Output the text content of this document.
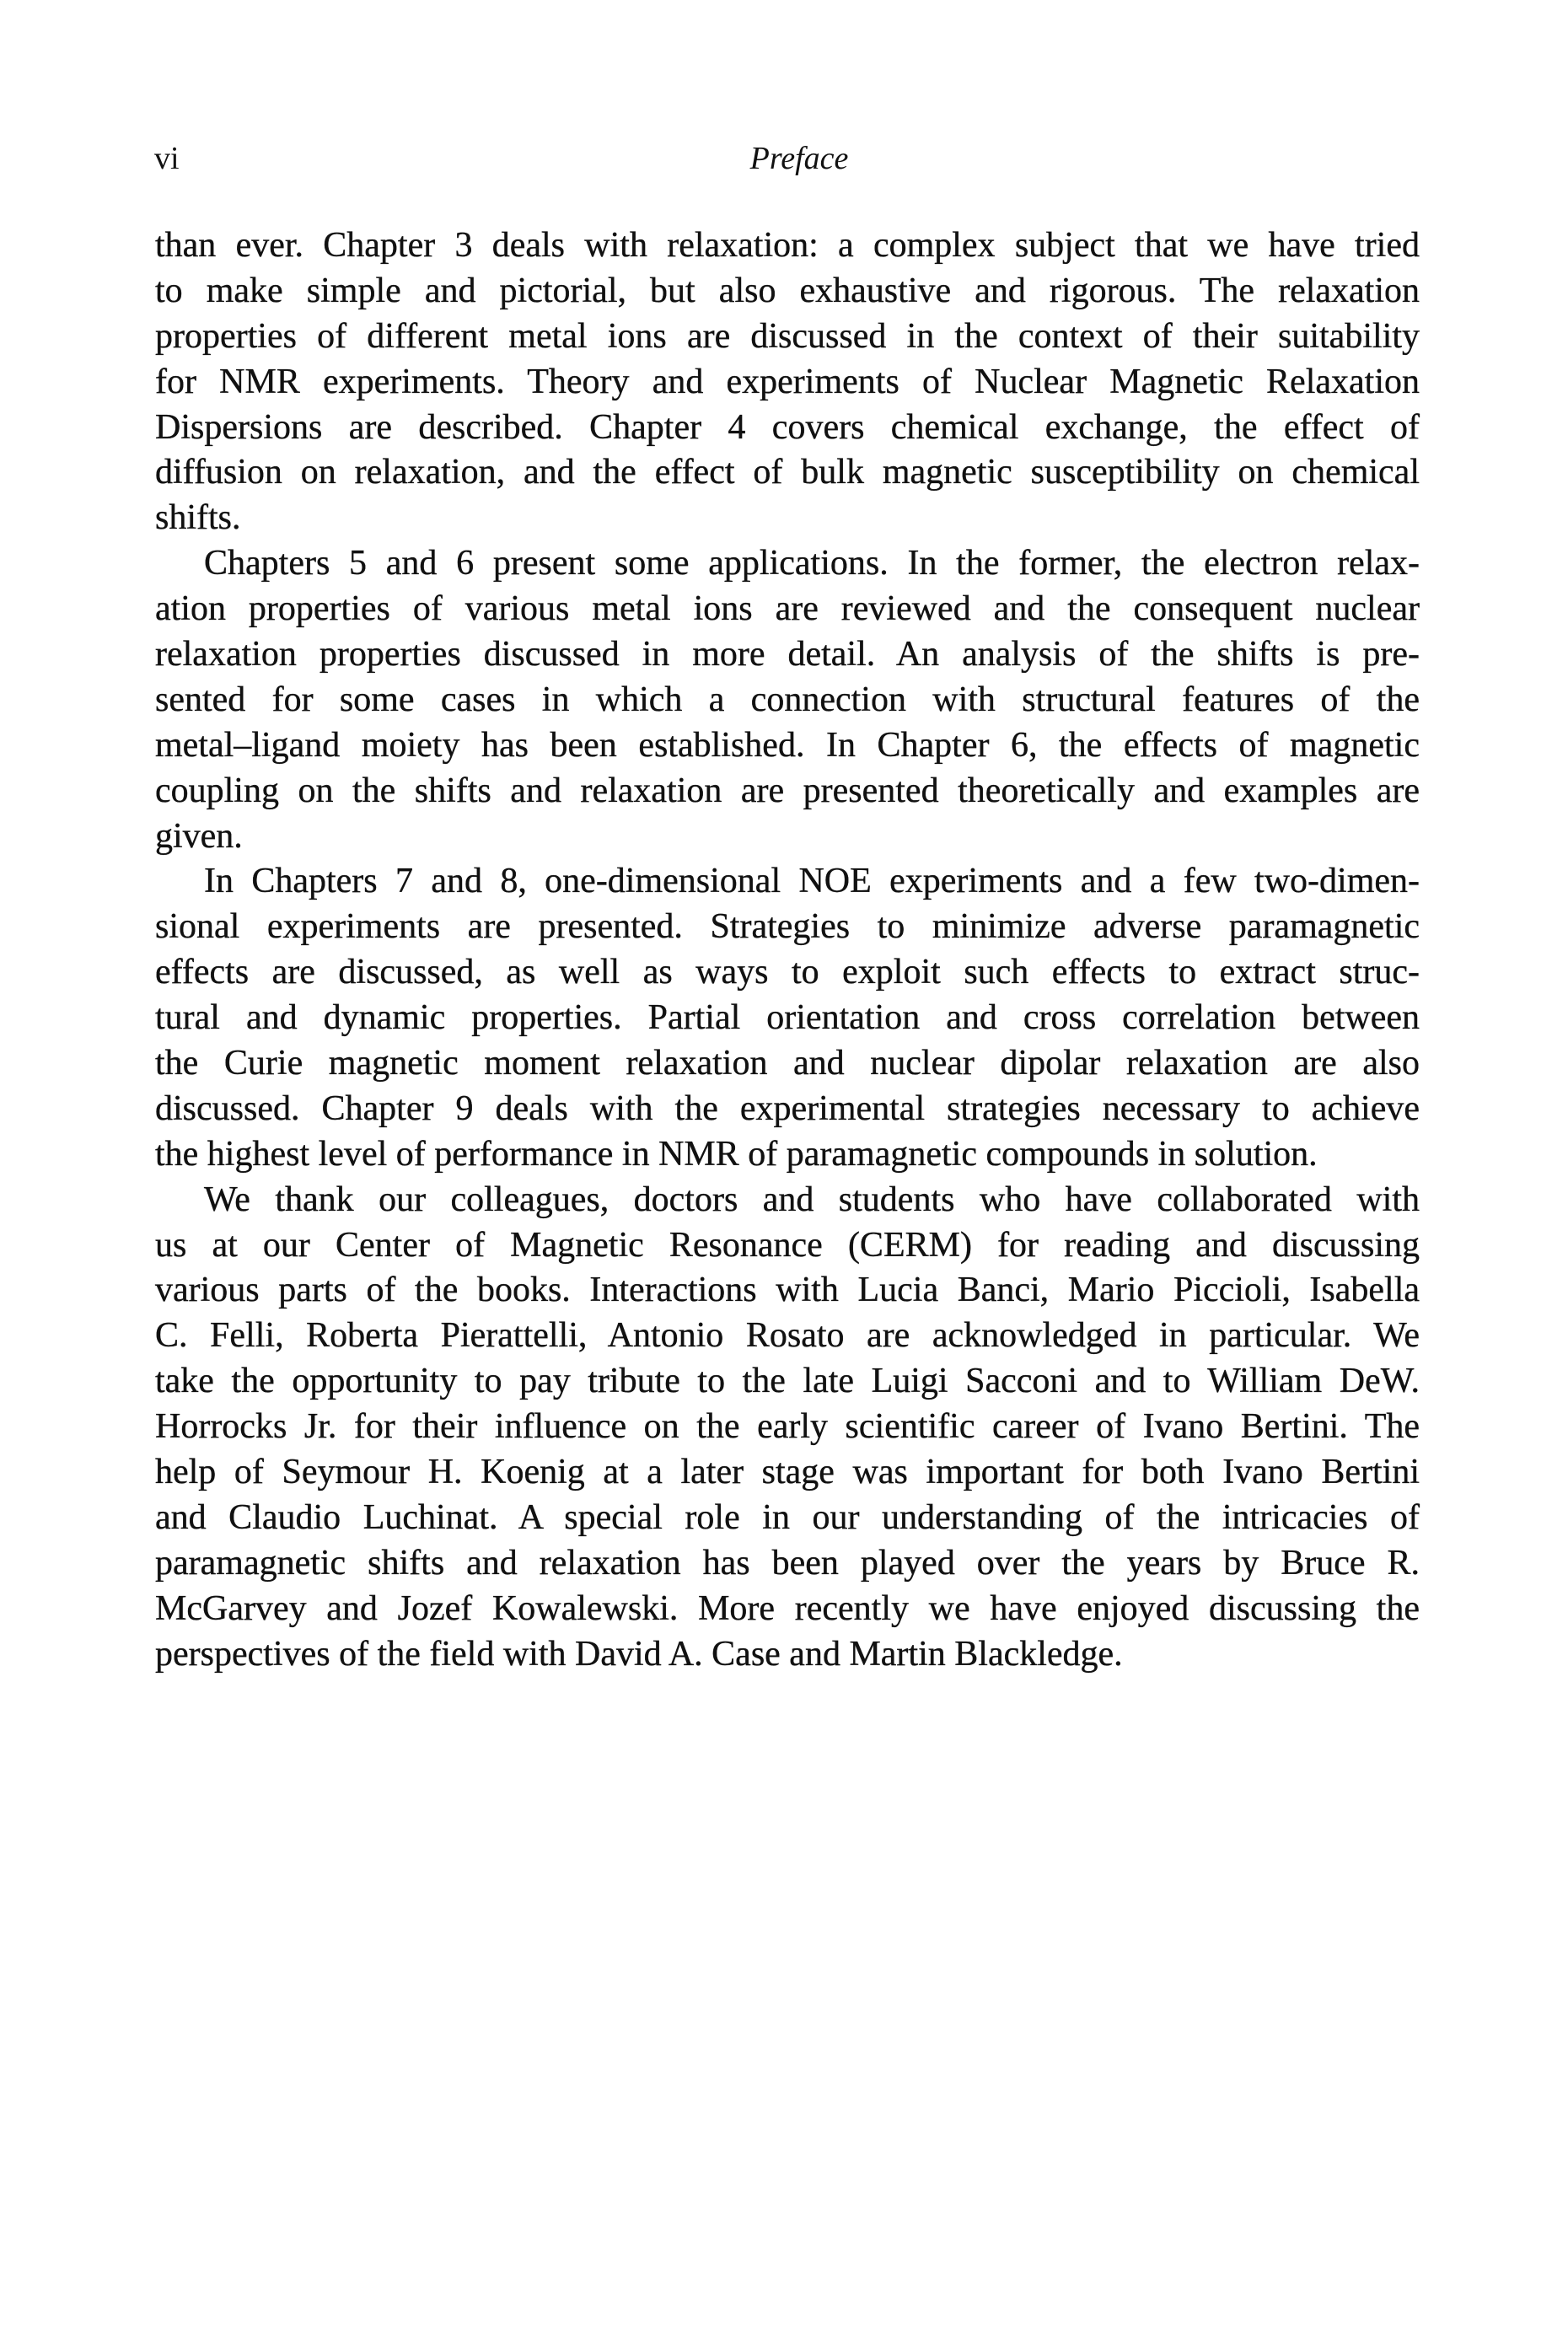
vi	Preface
than ever. Chapter 3 deals with relaxation: a complex subject that we have tried
to make simple and pictorial, but also exhaustive and rigorous. The relaxation
properties of different metal ions are discussed in the context of their suitability
for NMR experiments. Theory and experiments of Nuclear Magnetic Relaxation
Dispersions are described. Chapter 4 covers chemical exchange, the effect of
diffusion on relaxation, and the effect of bulk magnetic susceptibility on chemical
shifts.
Chapters 5 and 6 present some applications. In the former, the electron relax-
ation properties of various metal ions are reviewed and the consequent nuclear
relaxation properties discussed in more detail. An analysis of the shifts is pre-
sented for some cases in which a connection with structural features of the
metal–ligand moiety has been established. In Chapter 6, the effects of magnetic
coupling on the shifts and relaxation are presented theoretically and examples are
given.
In Chapters 7 and 8, one-dimensional NOE experiments and a few two-dimen-
sional experiments are presented. Strategies to minimize adverse paramagnetic
effects are discussed, as well as ways to exploit such effects to extract struc-
tural and dynamic properties. Partial orientation and cross correlation between
the Curie magnetic moment relaxation and nuclear dipolar relaxation are also
discussed. Chapter 9 deals with the experimental strategies necessary to achieve
the highest level of performance in NMR of paramagnetic compounds in solution.
We thank our colleagues, doctors and students who have collaborated with
us at our Center of Magnetic Resonance (CERM) for reading and discussing
various parts of the books. Interactions with Lucia Banci, Mario Piccioli, Isabella
C. Felli, Roberta Pierattelli, Antonio Rosato are acknowledged in particular. We
take the opportunity to pay tribute to the late Luigi Sacconi and to William DeW.
Horrocks Jr. for their influence on the early scientific career of Ivano Bertini. The
help of Seymour H. Koenig at a later stage was important for both Ivano Bertini
and Claudio Luchinat. A special role in our understanding of the intricacies of
paramagnetic shifts and relaxation has been played over the years by Bruce R.
McGarvey and Jozef Kowalewski. More recently we have enjoyed discussing the
perspectives of the field with David A. Case and Martin Blackledge.
